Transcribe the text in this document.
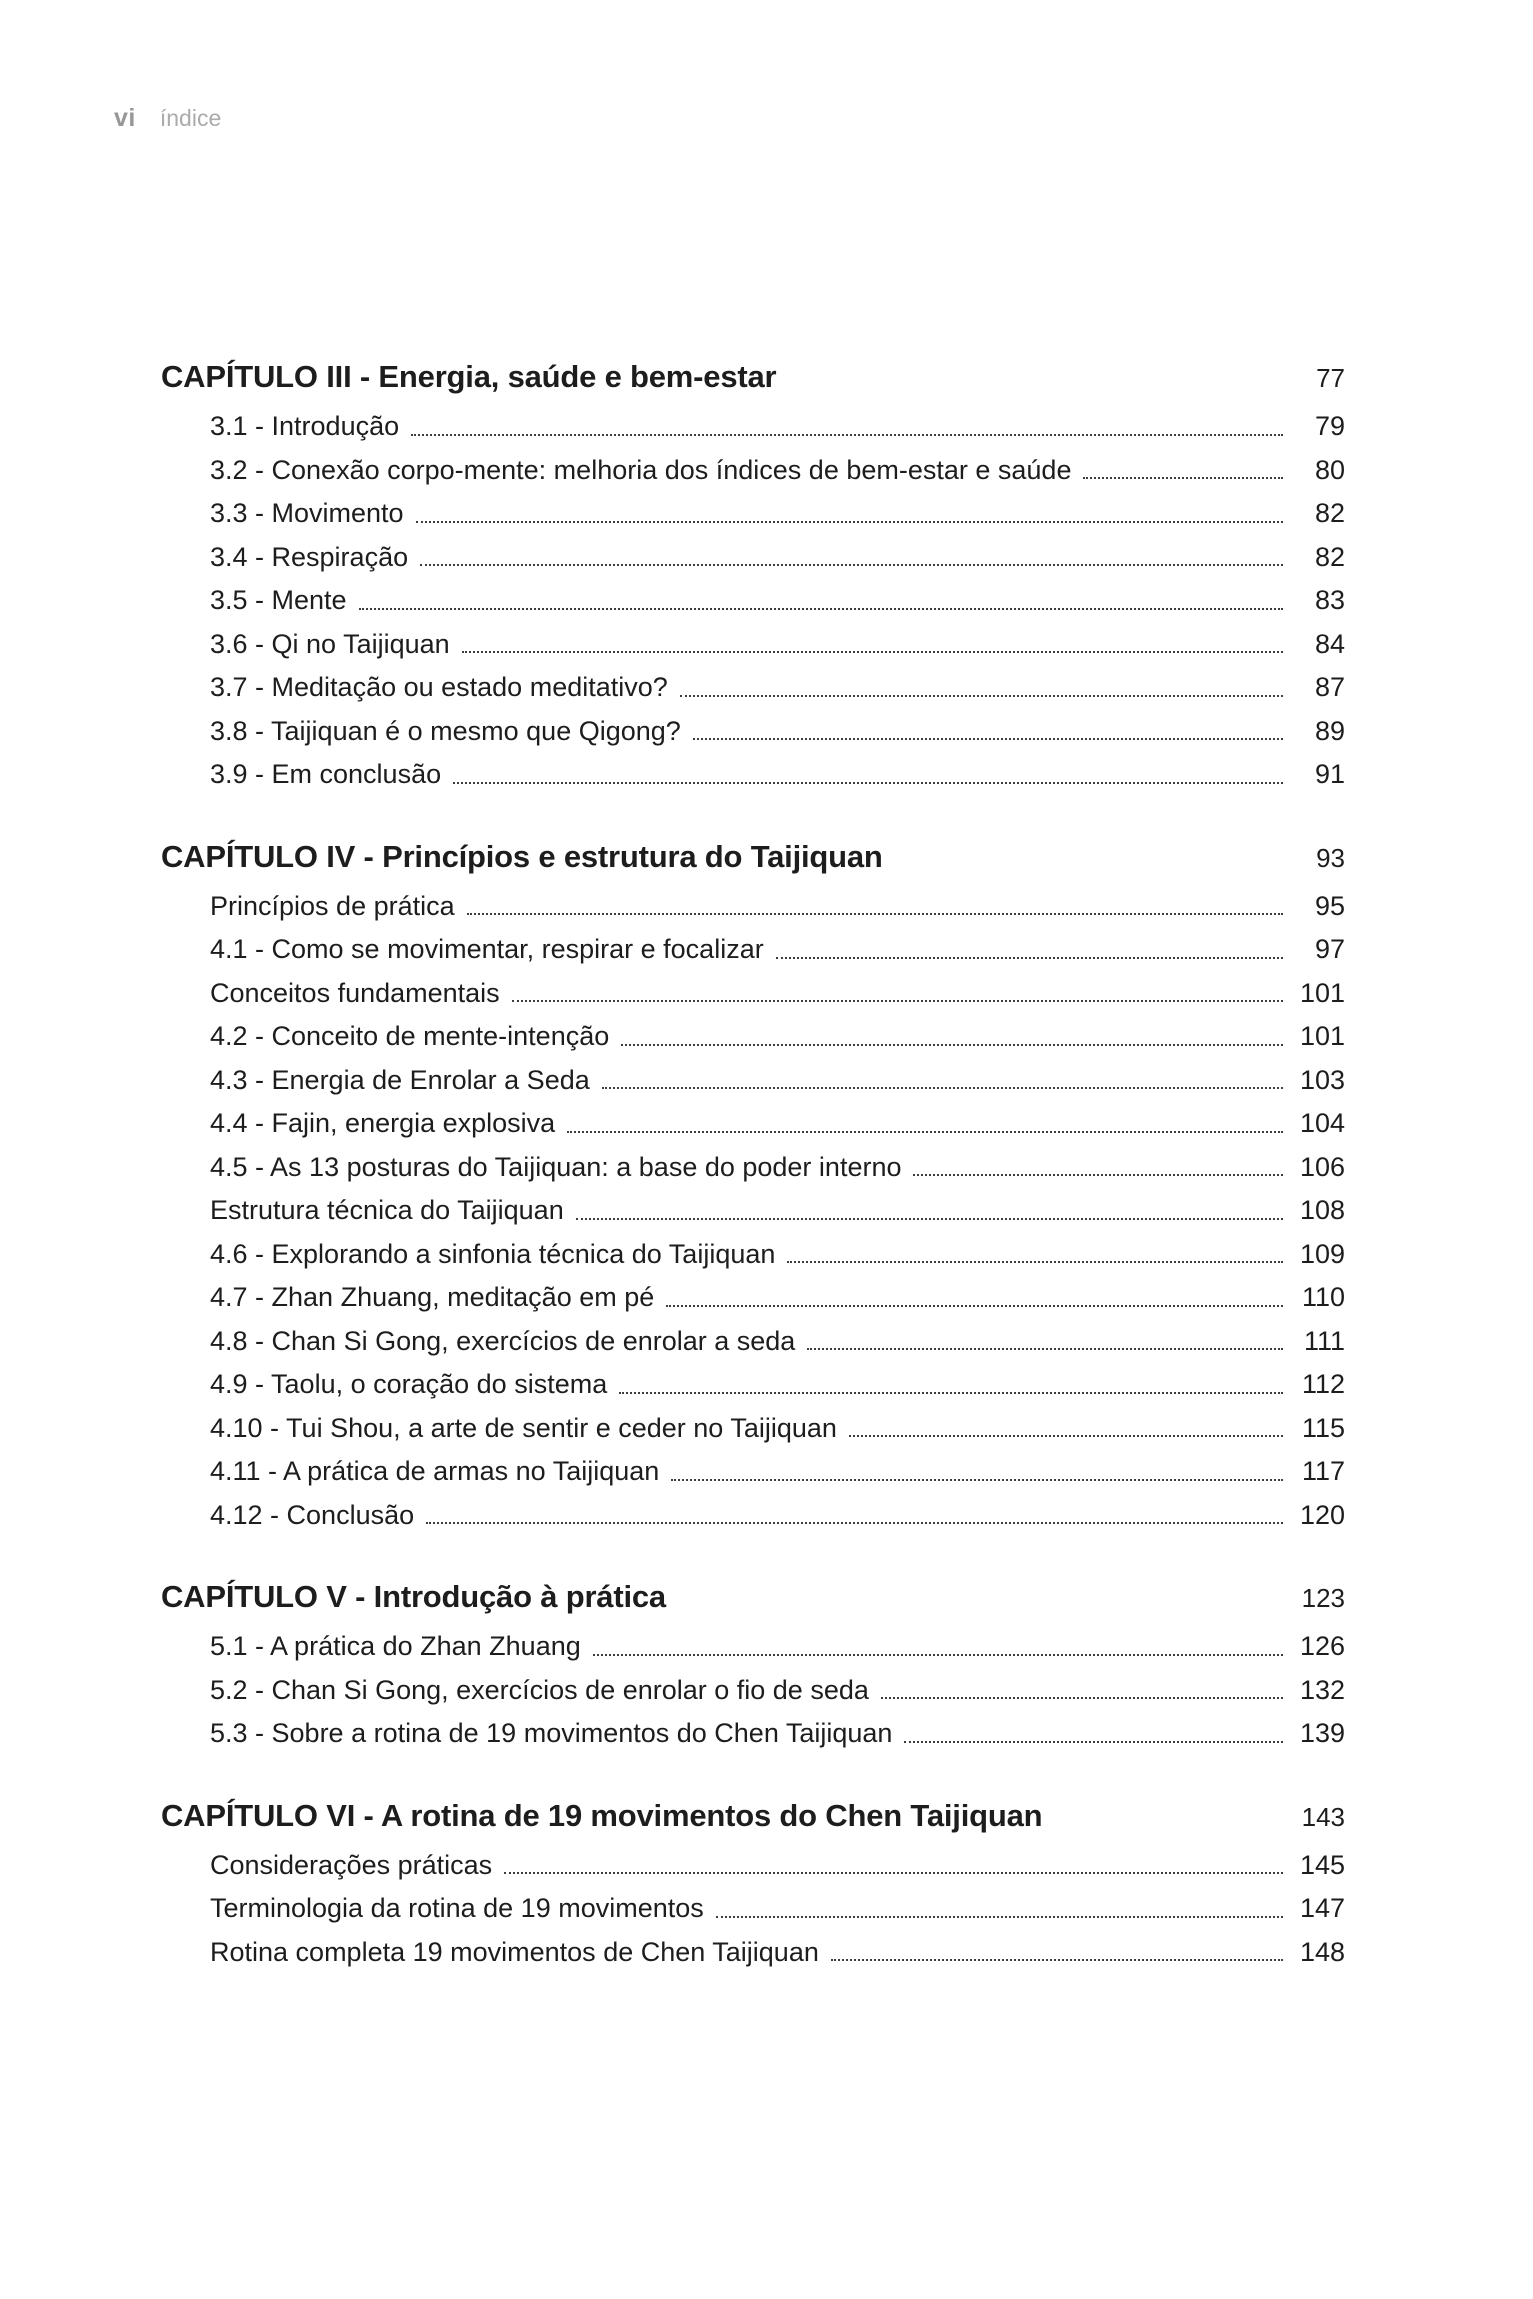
vi índice
CAPÍTULO III - Energia, saúde e bem-estar	77
3.1 - Introdução	79
3.2 - Conexão corpo-mente: melhoria dos índices de bem-estar e saúde	80
3.3 - Movimento	82
3.4 - Respiração	82
3.5 - Mente	83
3.6 - Qi no Taijiquan	84
3.7 - Meditação ou estado meditativo?	87
3.8 - Taijiquan é o mesmo que Qigong?	89
3.9 - Em conclusão	91
CAPÍTULO IV - Princípios e estrutura do Taijiquan	93
Princípios de prática	95
4.1 - Como se movimentar, respirar e focalizar	97
Conceitos fundamentais	101
4.2 - Conceito de mente-intenção	101
4.3 - Energia de Enrolar a Seda	103
4.4 - Fajin, energia explosiva	104
4.5 - As 13 posturas do Taijiquan: a base do poder interno	106
Estrutura técnica do Taijiquan	108
4.6 - Explorando a sinfonia técnica do Taijiquan	109
4.7 - Zhan Zhuang, meditação em pé	110
4.8 - Chan Si Gong, exercícios de enrolar a seda	111
4.9 - Taolu, o coração do sistema	112
4.10 - Tui Shou, a arte de sentir e ceder no Taijiquan	115
4.11 - A prática de armas no Taijiquan	117
4.12 - Conclusão	120
CAPÍTULO V - Introdução à prática	123
5.1 - A prática do Zhan Zhuang	126
5.2 - Chan Si Gong, exercícios de enrolar o fio de seda	132
5.3 - Sobre a rotina de 19 movimentos do Chen Taijiquan	139
CAPÍTULO VI - A rotina de 19 movimentos do Chen Taijiquan	143
Considerações práticas	145
Terminologia da rotina de 19 movimentos	147
Rotina completa 19 movimentos de Chen Taijiquan	148
